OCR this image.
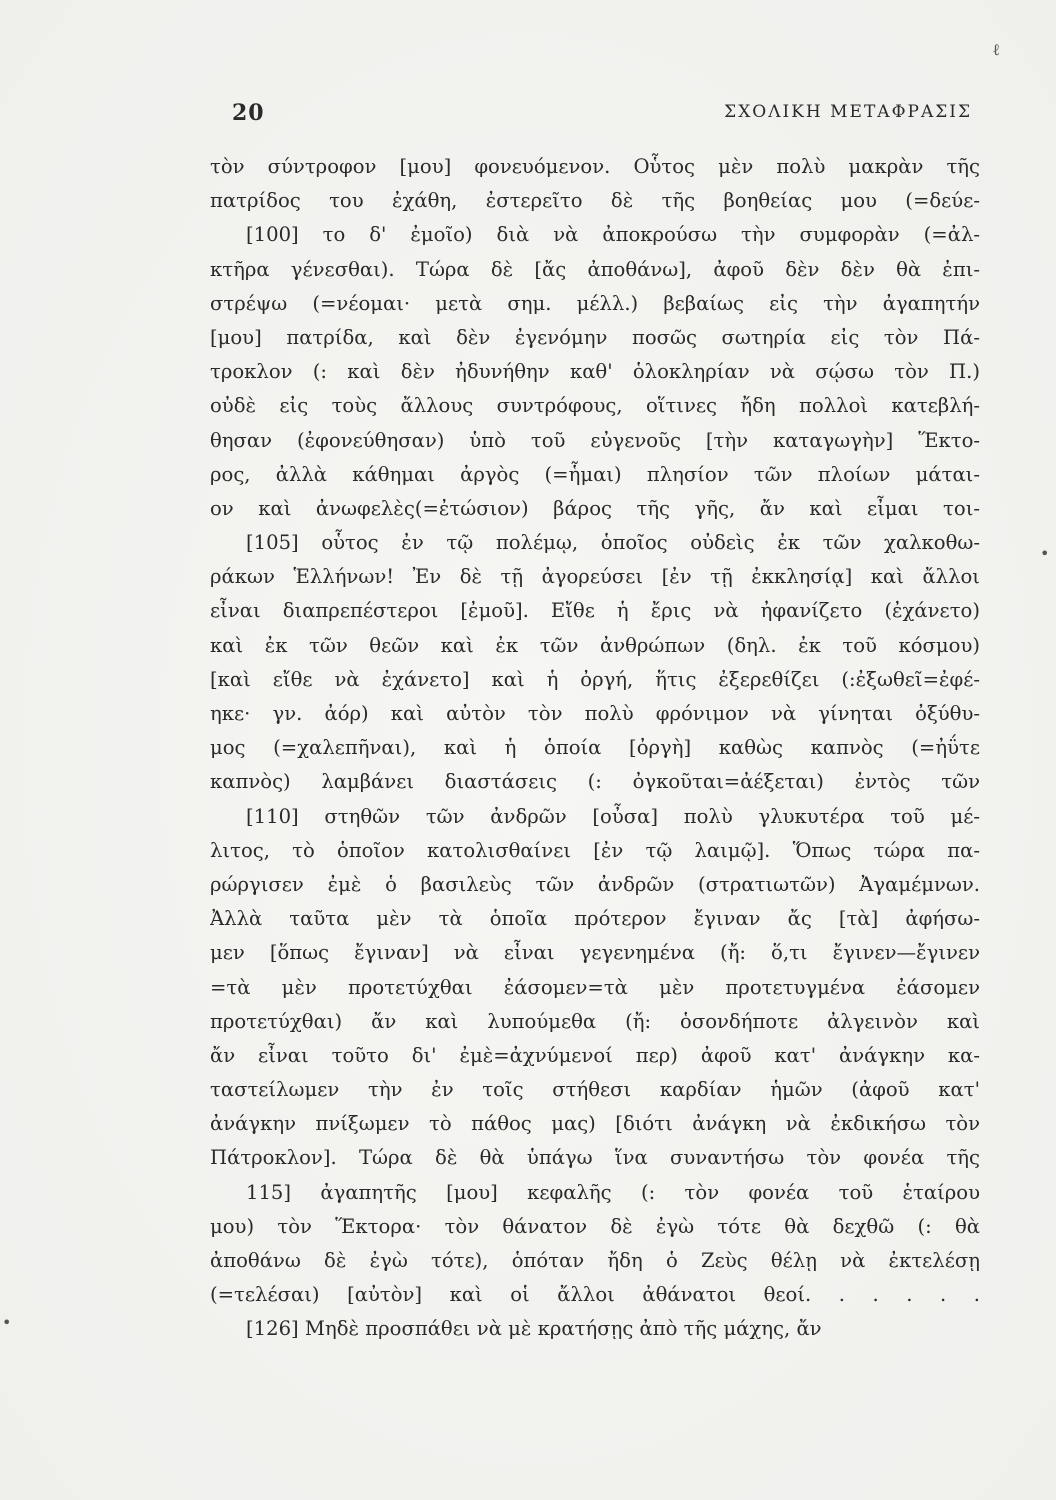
ℓ
20	ΣΧΟΛΙΚΗ ΜΕΤΑΦΡΑΣΙΣ
•
•
τὸν σύντροφον [μου] φονευόμενον. Οὗτος μὲν πολὺ μακρὰν τῆς
πατρίδος του ἐχάθη, ἐστερεῖτο δὲ τῆς βοηθείας μου (=δεύε-
[100] το δ' ἐμοῖο) διὰ νὰ ἀποκρούσω τὴν συμφορὰν (=ἀλ-
κτῆρα γένεσθαι). Τώρα δὲ [ἄς ἀποθάνω], ἀφοῦ δὲν δὲν θὰ ἐπι-
στρέψω (=νέομαι· μετὰ σημ. μέλλ.) βεβαίως εἰς τὴν ἀγαπητήν
[μου] πατρίδα, καὶ δὲν ἐγενόμην ποσῶς σωτηρία εἰς τὸν Πά-
τροκλον (: καὶ δὲν ἠδυνήθην καθ' ὁλοκληρίαν νὰ σῴσω τὸν Π.)
οὐδὲ εἰς τοὺς ἄλλους συντρόφους, οἵτινες ἤδη πολλοὶ κατεβλή-
θησαν (ἐφονεύθησαν) ὑπὸ τοῦ εὐγενοῦς [τὴν καταγωγὴν] Ἕκτο-
ρος, ἀλλὰ κάθημαι ἀργὸς (=ἧμαι) πλησίον τῶν πλοίων μάται-
ον καὶ ἀνωφελὲς(=ἐτώσιον) βάρος τῆς γῆς, ἄν καὶ εἶμαι τοι-
[105] οὗτος ἐν τῷ πολέμῳ, ὁποῖος οὐδεὶς ἐκ τῶν χαλκοθω-
ράκων Ἑλλήνων! Ἐν δὲ τῇ ἀγορεύσει [ἐν τῇ ἐκκλησίᾳ] καὶ ἄλλοι
εἶναι διαπρεπέστεροι [ἐμοῦ]. Εἴθε ἡ ἔρις νὰ ἠφανίζετο (ἐχάνετο)
καὶ ἐκ τῶν θεῶν καὶ ἐκ τῶν ἀνθρώπων (δηλ. ἐκ τοῦ κόσμου)
[καὶ εἴθε νὰ ἐχάνετο] καὶ ἡ ὀργή, ἥτις ἐξερεθίζει (:ἐξωθεῖ=ἐφέ-
ηκε· γν. ἀόρ) καὶ αὐτὸν τὸν πολὺ φρόνιμον νὰ γίνηται ὀξύθυ-
μος (=χαλεπῆναι), καὶ ἡ ὁποία [ὀργὴ] καθὼς καπνὸς (=ἠΰτε
καπνὸς) λαμβάνει διαστάσεις (: ὀγκοῦται=ἀέξεται) ἐντὸς τῶν
[110] στηθῶν τῶν ἀνδρῶν [οὖσα] πολὺ γλυκυτέρα τοῦ μέ-
λιτος, τὸ ὁποῖον κατολισθαίνει [ἐν τῷ λαιμῷ]. Ὅπως τώρα πα-
ρώργισεν ἐμὲ ὁ βασιλεὺς τῶν ἀνδρῶν (στρατιωτῶν) Ἀγαμέμνων.
Ἀλλὰ ταῦτα μὲν τὰ ὁποῖα πρότερον ἔγιναν ἄς [τὰ] ἀφήσω-
μεν [ὅπως ἔγιναν] νὰ εἶναι γεγενημένα (ἤ: ὅ,τι ἔγινεν—ἔγινεν
=τὰ μὲν προτετύχθαι ἐάσομεν=τὰ μὲν προτετυγμένα ἐάσομεν
προτετύχθαι) ἄν καὶ λυπούμεθα (ἤ: ὁσονδήποτε ἀλγεινὸν καὶ
ἄν εἶναι τοῦτο δι' ἐμὲ=ἀχνύμενοί περ) ἀφοῦ κατ' ἀνάγκην κα-
ταστείλωμεν τὴν ἐν τοῖς στήθεσι καρδίαν ἡμῶν (ἀφοῦ κατ'
ἀνάγκην πνίξωμεν τὸ πάθος μας) [διότι ἀνάγκη νὰ ἐκδικήσω τὸν
Πάτροκλον]. Τώρα δὲ θὰ ὑπάγω ἵνα συναντήσω τὸν φονέα τῆς
115] ἀγαπητῆς [μου] κεφαλῆς (: τὸν φονέα τοῦ ἑταίρου
μου) τὸν Ἕκτορα· τὸν θάνατον δὲ ἐγὼ τότε θὰ δεχθῶ (: θὰ
ἀποθάνω δὲ ἐγὼ τότε), ὁπόταν ἤδη ὁ Ζεὺς θέλῃ νὰ ἐκτελέσῃ
(=τελέσαι) [αὐτὸν] καὶ οἱ ἄλλοι ἀθάνατοι θεοί. . . . . .
[126] Μηδὲ προσπάθει νὰ μὲ κρατήσῃς ἀπὸ τῆς μάχης, ἄν
